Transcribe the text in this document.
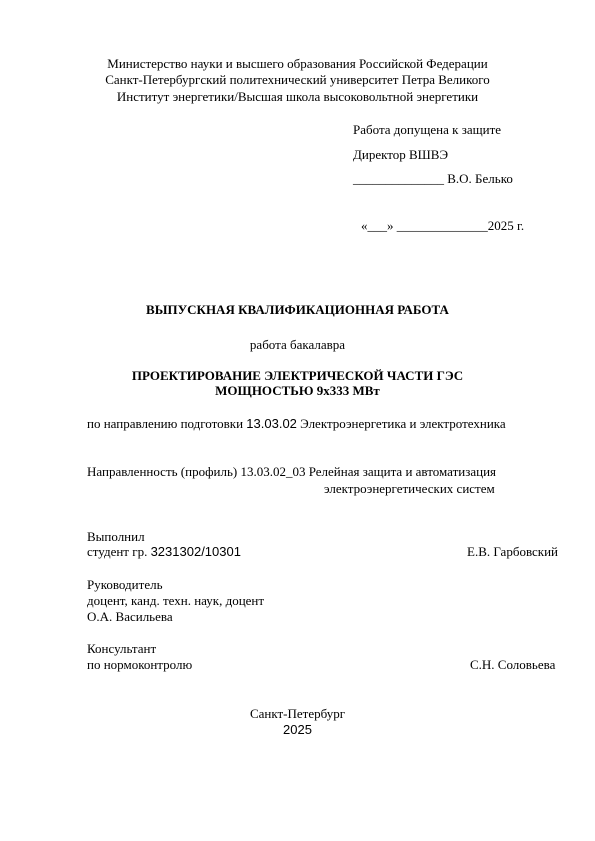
Министерство науки и высшего образования Российской Федерации
Санкт-Петербургский политехнический университет Петра Великого
Институт энергетики/Высшая школа высоковольтной энергетики
Работа допущена к защите
Директор ВШВЭ
______________ В.О. Белько
«___» ______________2025 г.
ВЫПУСКНАЯ КВАЛИФИКАЦИОННАЯ РАБОТА
работа бакалавра
ПРОЕКТИРОВАНИЕ ЭЛЕКТРИЧЕСКОЙ ЧАСТИ ГЭС
МОЩНОСТЬЮ 9х333 МВт
по направлению подготовки 13.03.02 Электроэнергетика и электротехника
Направленность (профиль) 13.03.02_03 Релейная защита и автоматизация
электроэнергетических систем
Выполнил
студент гр. 3231302/10301	Е.В. Гарбовский
Руководитель
доцент, канд. техн. наук, доцент
О.А. Васильева
Консультант
по нормоконтролю	С.Н. Соловьева
Санкт-Петербург
2025
